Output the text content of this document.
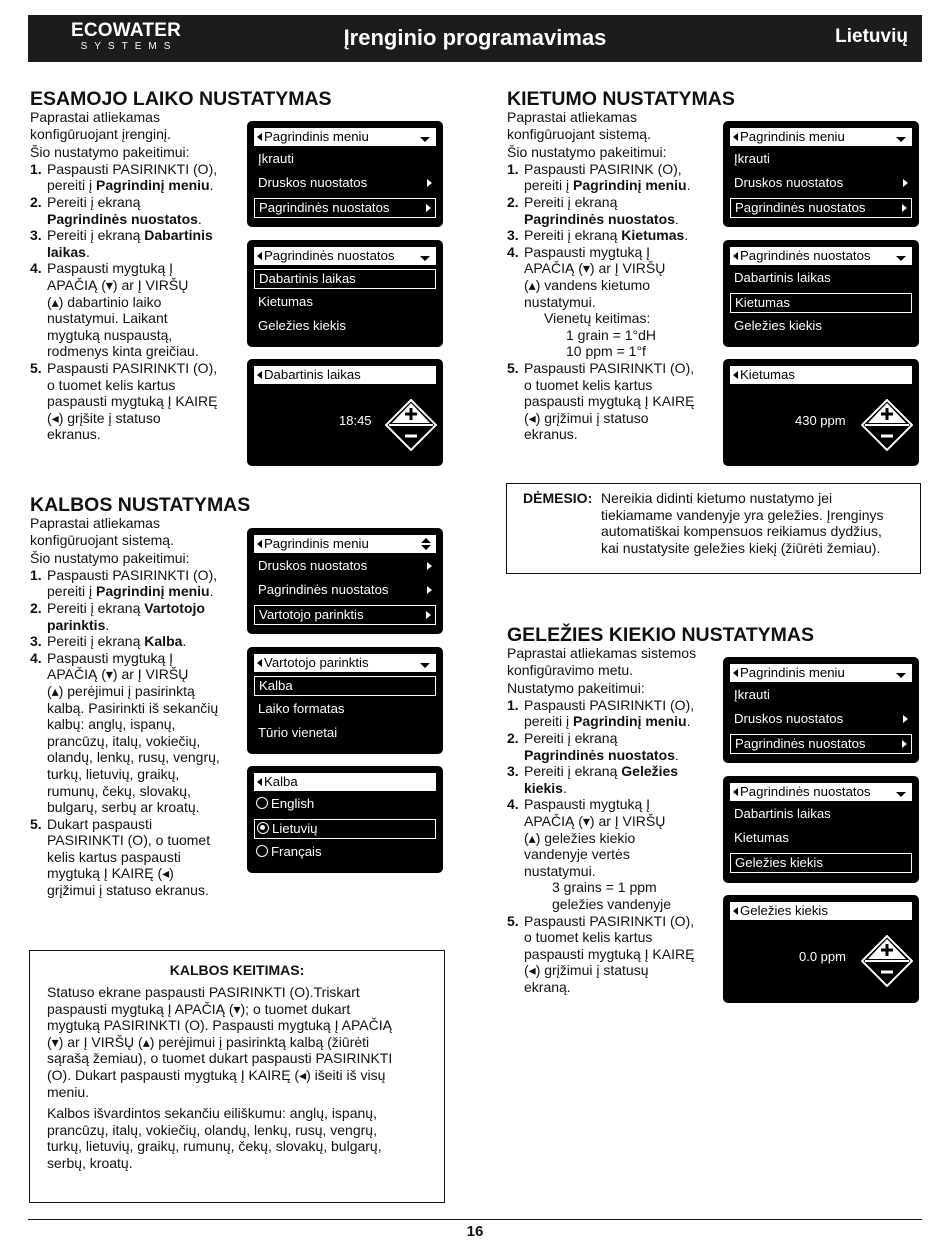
ECOWATER
SYSTEMS	Įrenginio programavimas	Lietuvių
ESAMOJO LAIKO NUSTATYMAS

Paprastai atliekamas

konfigūruojant įrenginį.

Šio nustatymo pakeitimui:

1. Paspausti PASIRINKTI (O),
pereiti į Pagrindinį meniu.
2. Pereiti į ekraną
Pagrindinės nuostatos.
3. Pereiti į ekraną Dabartinis
laikas.
4. Paspausti mygtuką Į
APAČIĄ (▾) ar Į VIRŠŲ
(▴) dabartinio laiko
nustatymui. Laikant
mygtuką nuspaustą,
rodmenys kinta greičiau.
5. Paspausti PASIRINKTI (O),
o tuomet kelis kartus
paspausti mygtuką Į KAIRĘ
(◂) grįšite į statuso
ekranus.
Pagrindinis meniu
Įkrauti
Druskos nuostatos
Pagrindinės nuostatos
Pagrindinės nuostatos
Dabartinis laikas
Kietumas
Geležies kiekis
Dabartinis laikas
18:45
KIETUMO NUSTATYMAS

Paprastai atliekamas

konfigūruojant sistemą.

Šio nustatymo pakeitimui:

1. Paspausti PASIRINK (O),
pereiti į Pagrindinį meniu.
2. Pereiti į ekraną
Pagrindinės nuostatos.
3. Pereiti į ekraną Kietumas.
4. Paspausti mygtuką Į
APAČIĄ (▾) ar Į VIRŠŲ
(▴) vandens kietumo
nustatymui.
Vienetų keitimas:
1 grain = 1°dH
10 ppm = 1°f
5. Paspausti PASIRINKTI (O),
o tuomet kelis kartus
paspausti mygtuką Į KAIRĘ
(◂) grįžimui į statuso
ekranus.
Pagrindinis meniu
Įkrauti
Druskos nuostatos
Pagrindinės nuostatos
Pagrindinės nuostatos
Dabartinis laikas
Kietumas
Geležies kiekis
Kietumas
430 ppm
DĖMESIO: Nereikia didinti kietumo nustatymo jei

tiekiamame vandenyje yra geležies. Įrenginys

automatiškai kompensuos reikiamus dydžius,

kai nustatysite geležies kiekį (žiūrėti žemiau).

KALBOS NUSTATYMAS

Paprastai atliekamas

konfigūruojant sistemą.

Šio nustatymo pakeitimui:

1. Paspausti PASIRINKTI (O),
pereiti į Pagrindinį meniu.
2. Pereiti į ekraną Vartotojo
parinktis.
3. Pereiti į ekraną Kalba.
4. Paspausti mygtuką Į
APAČIĄ (▾) ar Į VIRŠŲ
(▴) perėjimui į pasirinktą
kalbą. Pasirinkti iš sekančių
kalbų: anglų, ispanų,
prancūzų, italų, vokiečių,
olandų, lenkų, rusų, vengrų,
turkų, lietuvių, graikų,
rumunų, čekų, slovakų,
bulgarų, serbų ar kroatų.
5. Dukart paspausti
PASIRINKTI (O), o tuomet
kelis kartus paspausti
mygtuką Į KAIRĘ (◂)
grįžimui į statuso ekranus.
Pagrindinis meniu
Druskos nuostatos
Pagrindinės nuostatos
Vartotojo parinktis
Vartotojo parinktis
Kalba
Laiko formatas
Tūrio vienetai
Kalba
English
Lietuvių
Français
KALBOS KEITIMAS:

Statuso ekrane paspausti PASIRINKTI (O).Triskart

paspausti mygtuką Į APAČIĄ (▾); o tuomet dukart

mygtuką PASIRINKTI (O). Paspausti mygtuką Į APAČIĄ

(▾) ar Į VIRŠŲ (▴) perėjimui į pasirinktą kalbą (žiūrėti

sąrašą žemiau), o tuomet dukart paspausti PASIRINKTI

(O). Dukart paspausti mygtuką Į KAIRĘ (◂) išeiti iš visų

meniu.

Kalbos išvardintos sekančiu eiliškumu: anglų, ispanų,

prancūzų, italų, vokiečių, olandų, lenkų, rusų, vengrų,

turkų, lietuvių, graikų, rumunų, čekų, slovakų, bulgarų,

serbų, kroatų.

GELEŽIES KIEKIO NUSTATYMAS

Paprastai atliekamas sistemos

konfigūravimo metu.

Nustatymo pakeitimui:

1. Paspausti PASIRINKTI (O),
pereiti į Pagrindinį meniu.
2. Pereiti į ekraną
Pagrindinės nuostatos.
3. Pereiti į ekraną Geležies
kiekis.
4. Paspausti mygtuką Į
APAČIĄ (▾) ar Į VIRŠŲ
(▴) geležies kiekio
vandenyje vertės
nustatymui.
3 grains = 1 ppm
geležies vandenyje
5. Paspausti PASIRINKTI (O),
o tuomet kelis kartus
paspausti mygtuką Į KAIRĘ
(◂) grįžimui į statusų
ekraną.
Pagrindinis meniu
Įkrauti
Druskos nuostatos
Pagrindinės nuostatos
Pagrindinės nuostatos
Dabartinis laikas
Kietumas
Geležies kiekis
Geležies kiekis
0.0 ppm
16
